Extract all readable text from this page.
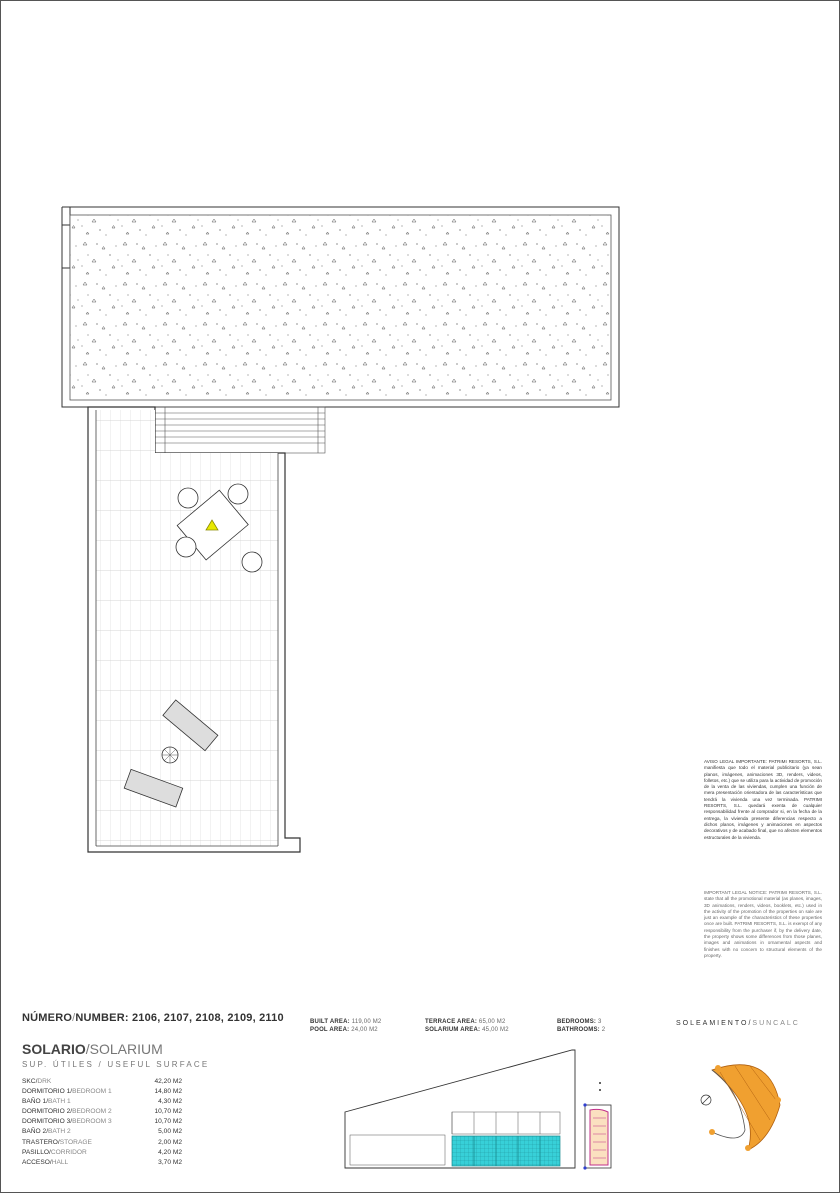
AVISO LEGAL IMPORTANTE: PATRIMI RESORTS, S.L. manifiesta que todo el material publicitario (ya sean planos, imágenes, animaciones 3D, renders, videos, folletos, etc.) que se utiliza para la actividad de promoción de la venta de las viviendas, cumplen una función de mera presentación orientadora de las características que tendrá la vivienda una vez terminada. PATRIMI RESORTS, S.L. quedará exenta de cualquier responsabilidad frente al comprador si, en la fecha de la entrega, la vivienda presente diferencias respecto a dichos planos, imágenes y animaciones en aspectos decorativos y de acabado final, que no afecten elementos estructurales de la vivienda.
IMPORTANT LEGAL NOTICE: PATRIMI RESORTS, S.L. state that all the promotional material (as planes, images, 3D animations, renders, videos, booklets, etc.) used in the activity of the promotion of the properties on sale are just an example of the characteristics of these properties once are built. PATRIMI RESORTS, S.L. is exempt of any responsibility from the purchaser if, by the delivery date, the property shows some differences from those planes, images and animations in ornamental aspects and finishes with no concern to structural elements of the property.
NÚMERO/NUMBER: 2106, 2107, 2108, 2109, 2110	BUILT AREA: 119,00 M2
POOL AREA: 24,00 M2
TERRACE AREA: 65,00 M2
SOLARIUM AREA: 45,00 M2
BEDROOMS: 3
BATHROOMS: 2
SOLARIO/SOLARIUM
SUP. ÚTILES / USEFUL SURFACE
SKC/DRK	42,20 M2
DORMITORIO 1/BEDROOM 1	14,80 M2
BAÑO 1/BATH 1	4,30 M2
DORMITORIO 2/BEDROOM 2	10,70 M2
DORMITORIO 3/BEDROOM 3	10,70 M2
BAÑO 2/BATH 2	5,00 M2
TRASTERO/STORAGE	2,00 M2
PASILLO/CORRIDOR	4,20 M2
ACCESO/HALL	3,70 M2
SOLEAMIENTO/SUNCALC
